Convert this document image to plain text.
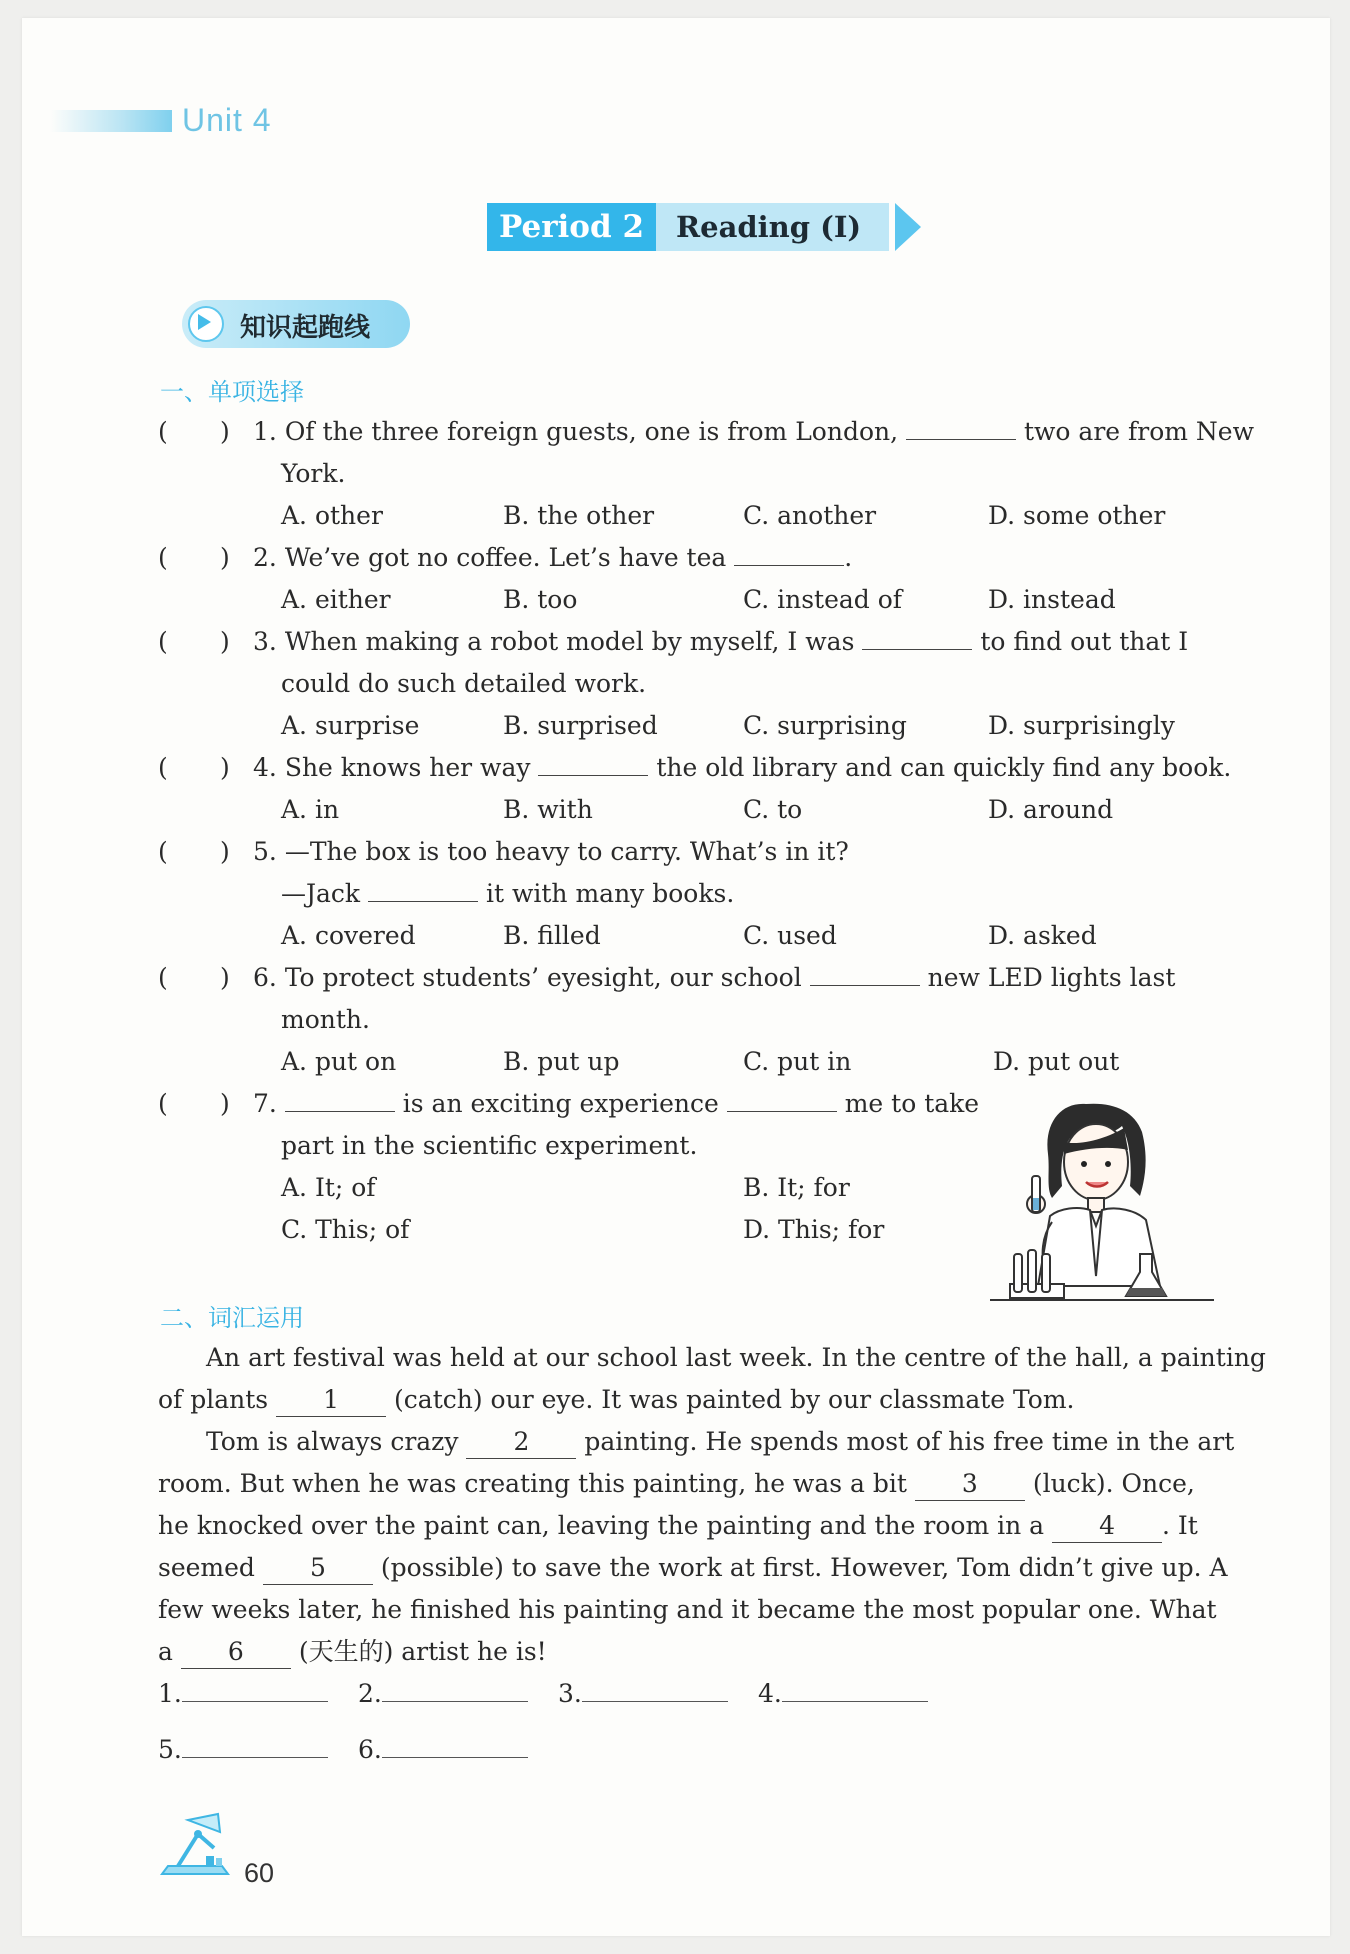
Unit 4
Period 2	Reading (I)
知识起跑线
一、单项选择
( ) 1. Of the three foreign guests, one is from London,	two are from New
York.
A. other	B. the other	C. another	D. some other
( ) 2. We’ve got no coffee. Let’s have tea	.
A. either	B. too	C. instead of	D. instead
( ) 3. When making a robot model by myself, I was	to find out that I
could do such detailed work.
A. surprise	B. surprised	C. surprising	D. surprisingly
( ) 4. She knows her way	the old library and can quickly find any book.
A. in	B. with	C. to	D. around
( ) 5. —The box is too heavy to carry. What’s in it?
—Jack	it with many books.
A. covered	B. filled	C. used	D. asked
( ) 6. To protect students’ eyesight, our school	new LED lights last
month.
A. put on	B. put up	C. put in	D. put out
( ) 7.	is an exciting experience	me to take
part in the scientific experiment.
A. It; of	B. It; for
C. This; of	D. This; for
二、词汇运用
An art festival was held at our school last week. In the centre of the hall, a painting
of plants 1 (catch) our eye. It was painted by our classmate Tom.
Tom is always crazy 2 painting. He spends most of his free time in the art
room. But when he was creating this painting, he was a bit 3 (luck). Once,
he knocked over the paint can, leaving the painting and the room in a 4 . It
seemed 5 (possible) to save the work at first. However, Tom didn’t give up. A
few weeks later, he finished his painting and it became the most popular one. What
a 6 (天生的) artist he is!
1.	2.	3.	4.
5.	6.
60
